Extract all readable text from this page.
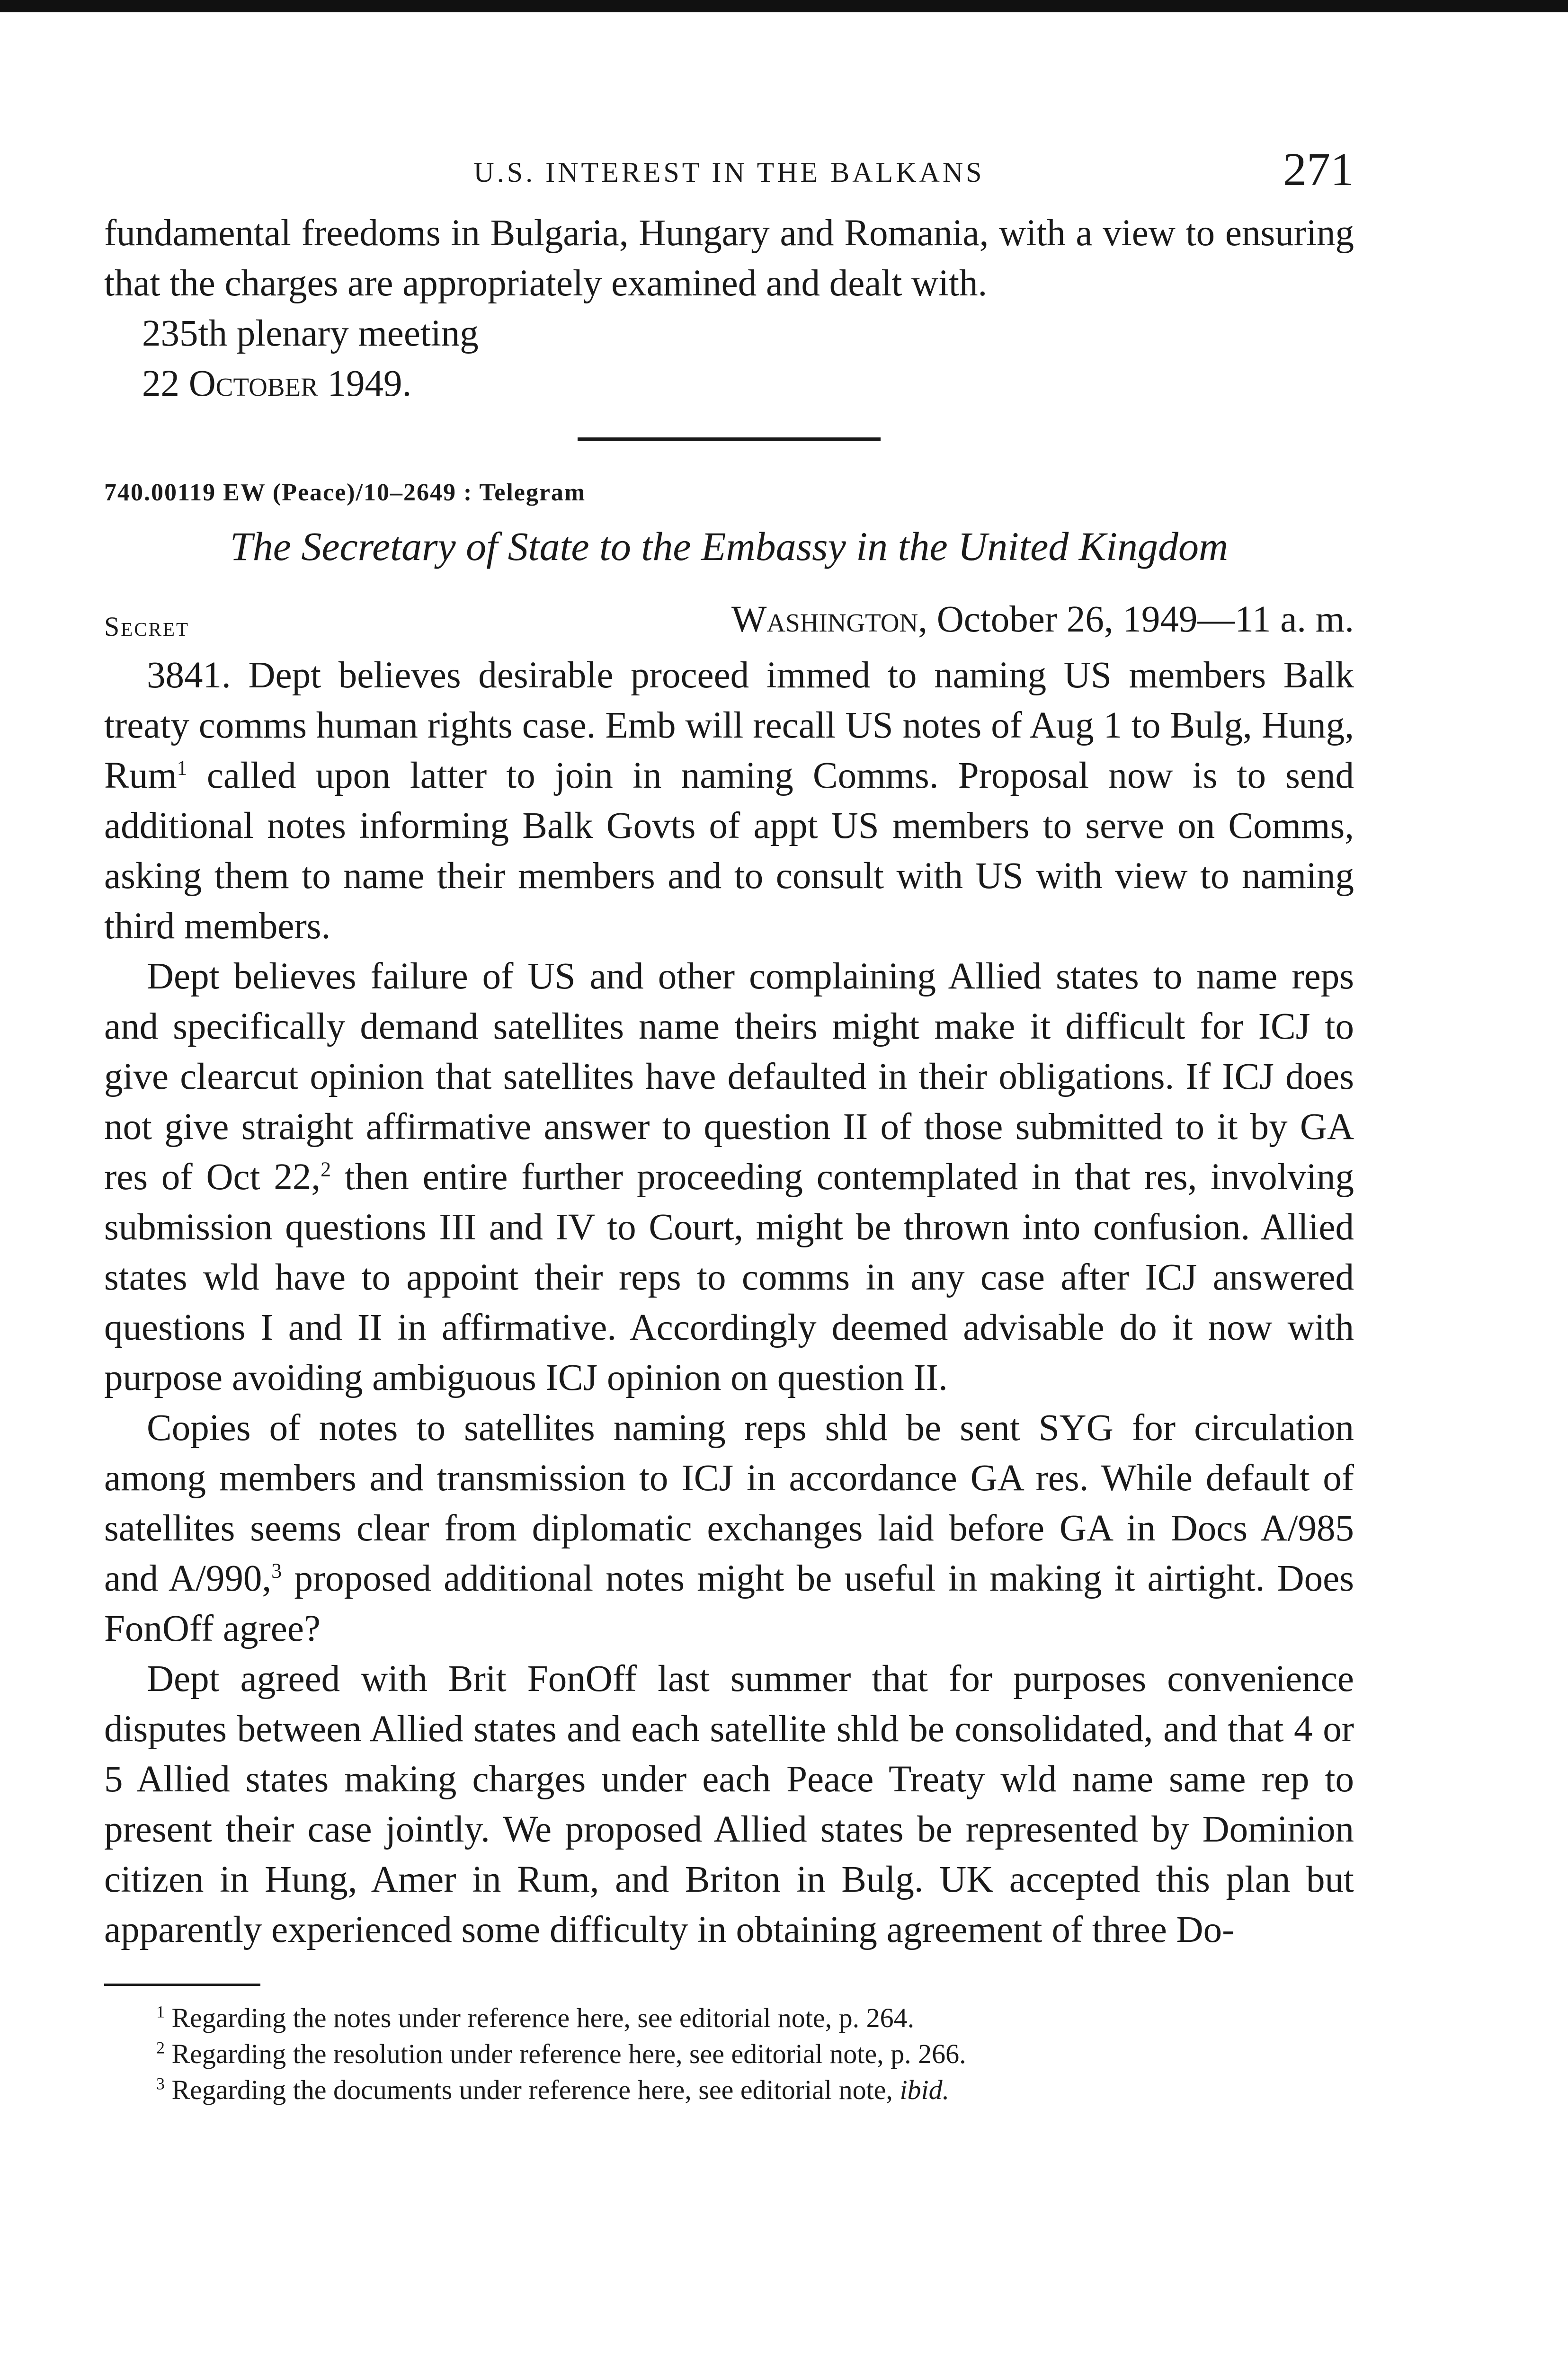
U.S. INTEREST IN THE BALKANS	271

fundamental freedoms in Bulgaria, Hungary and Romania, with a view to ensuring that the charges are appropriately examined and dealt with.

235th plenary meeting
22 October 1949.
740.00119 EW (Peace)/10–2649 : Telegram
The Secretary of State to the Embassy in the United Kingdom
Secret	Washington, October 26, 1949—11 a. m.

3841. Dept believes desirable proceed immed to naming US members Balk treaty comms human rights case. Emb will recall US notes of Aug 1 to Bulg, Hung, Rum$^1$ called upon latter to join in naming Comms. Proposal now is to send additional notes informing Balk Govts of appt US members to serve on Comms, asking them to name their members and to consult with US with view to naming third members.

Dept believes failure of US and other complaining Allied states to name reps and specifically demand satellites name theirs might make it difficult for ICJ to give clearcut opinion that satellites have defaulted in their obligations. If ICJ does not give straight affirmative answer to question II of those submitted to it by GA res of Oct 22,$^2$ then entire further proceeding contemplated in that res, involving submission questions III and IV to Court, might be thrown into confusion. Allied states wld have to appoint their reps to comms in any case after ICJ answered questions I and II in affirmative. Accordingly deemed advisable do it now with purpose avoiding ambiguous ICJ opinion on question II.

Copies of notes to satellites naming reps shld be sent SYG for circulation among members and transmission to ICJ in accordance GA res. While default of satellites seems clear from diplomatic exchanges laid before GA in Docs A/985 and A/990,$^3$ proposed additional notes might be useful in making it airtight. Does FonOff agree?

Dept agreed with Brit FonOff last summer that for purposes convenience disputes between Allied states and each satellite shld be consolidated, and that 4 or 5 Allied states making charges under each Peace Treaty wld name same rep to present their case jointly. We proposed Allied states be represented by Dominion citizen in Hung, Amer in Rum, and Briton in Bulg. UK accepted this plan but apparently experienced some difficulty in obtaining agreement of three Do-

$^1$ Regarding the notes under reference here, see editorial note, p. 264.
$^2$ Regarding the resolution under reference here, see editorial note, p. 266.
$^3$ Regarding the documents under reference here, see editorial note, ibid.
